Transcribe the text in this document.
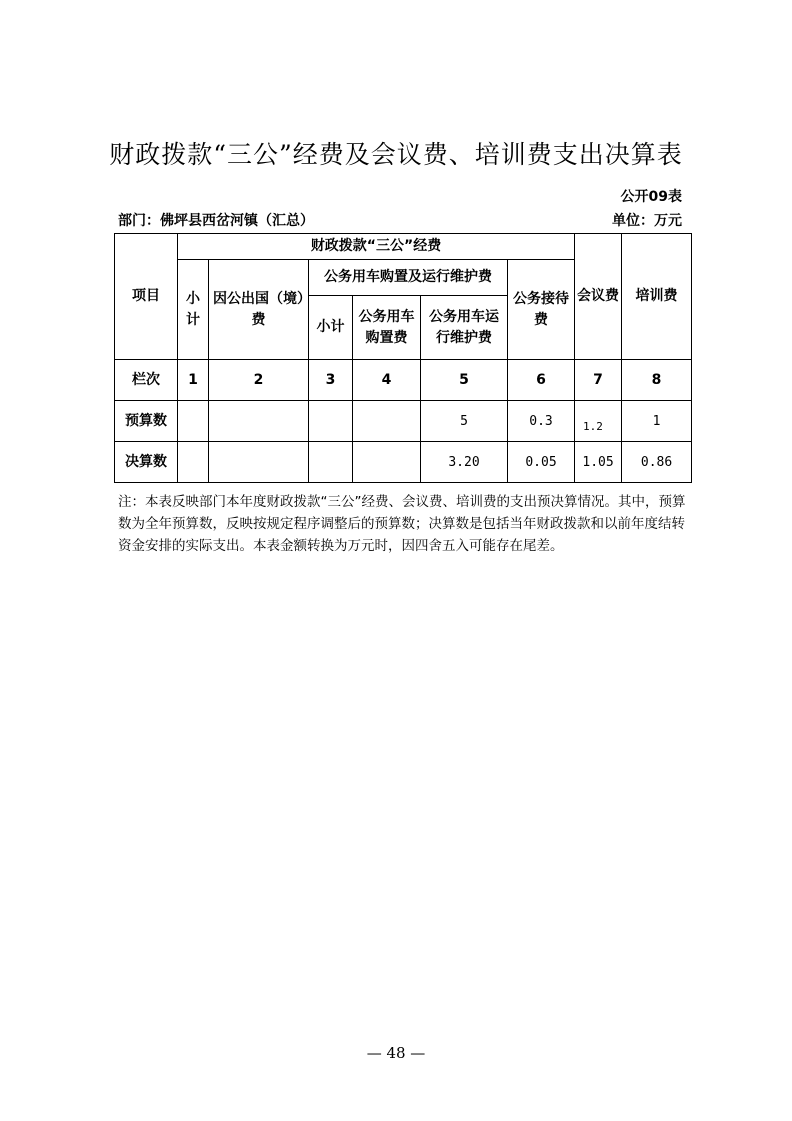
财政拨款“三公”经费及会议费、培训费支出决算表
公开09表
部门：佛坪县西岔河镇（汇总）	单位：万元
项目	财政拨款“三公”经费						会议费	培训费
	小计	因公出国（境）费	公务用车购置及运行维护费			公务接待费		
			小计	公务用车购置费	公务用车运行维护费			

栏次	1	2	3	4	5	6	7	8
预算数					5	0.3	1.2	1
决算数					3.20	0.05	1.05	0.86
注：本表反映部门本年度财政拨款“三公”经费、会议费、培训费的支出预决算情况。其中，预算数为全年预算数，反映按规定程序调整后的预算数；决算数是包括当年财政拨款和以前年度结转资金安排的实际支出。本表金额转换为万元时，因四舍五入可能存在尾差。
— 48 —
